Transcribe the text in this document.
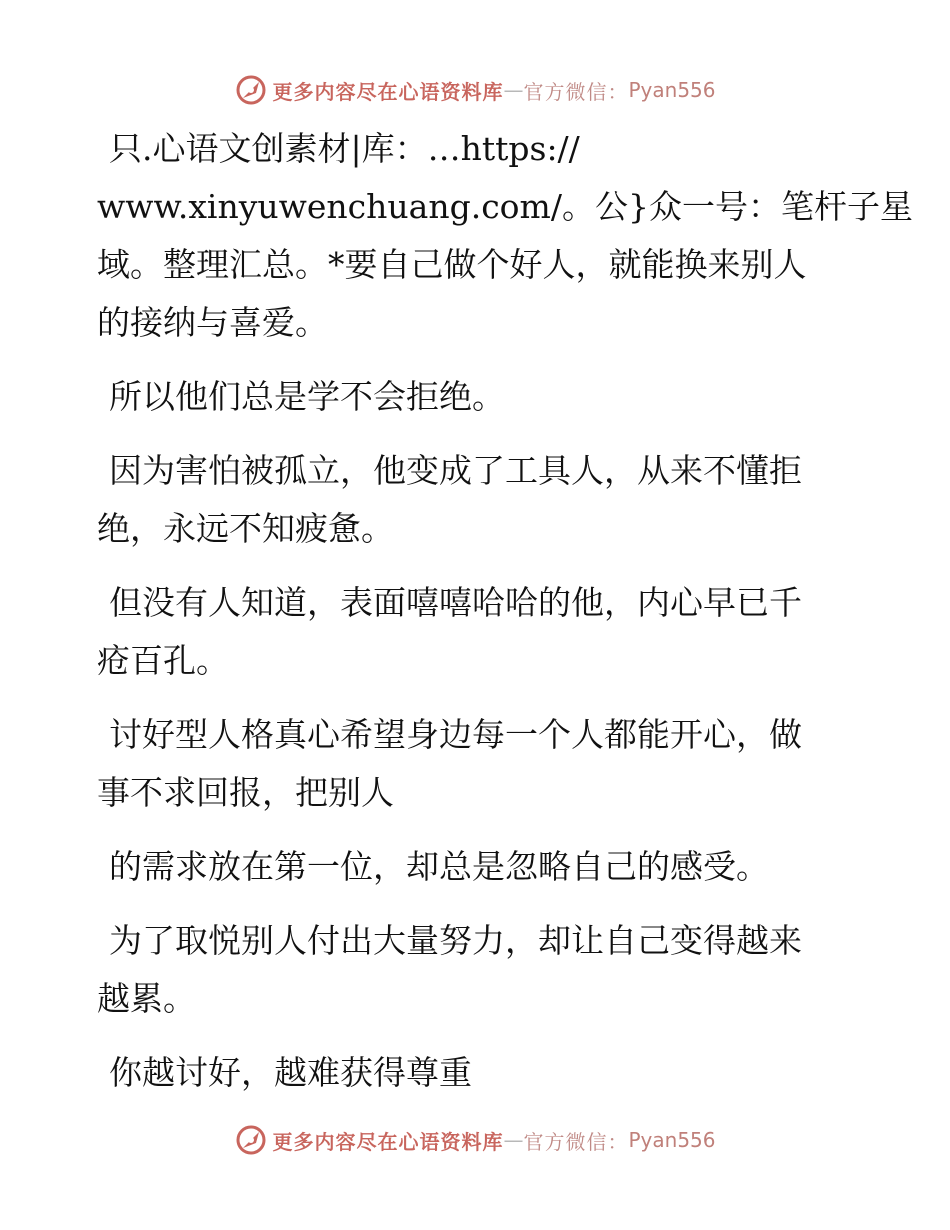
更多内容尽在心语资料库 — 官方微信： Pyan556
只.心语文创素材|库：…https://
www.xinyuwenchuang.com/。公}众一号：笔杆子星
域。整理汇总。*要自己做个好人，就能换来别人
的接纳与喜爱。
所以他们总是学不会拒绝。
因为害怕被孤立，他变成了工具人，从来不懂拒
绝，永远不知疲惫。
但没有人知道，表面嘻嘻哈哈的他，内心早已千
疮百孔。
讨好型人格真心希望身边每一个人都能开心，做
事不求回报，把别人
的需求放在第一位，却总是忽略自己的感受。
为了取悦别人付出大量努力，却让自己变得越来
越累。
你越讨好，越难获得尊重
更多内容尽在心语资料库 — 官方微信： Pyan556
